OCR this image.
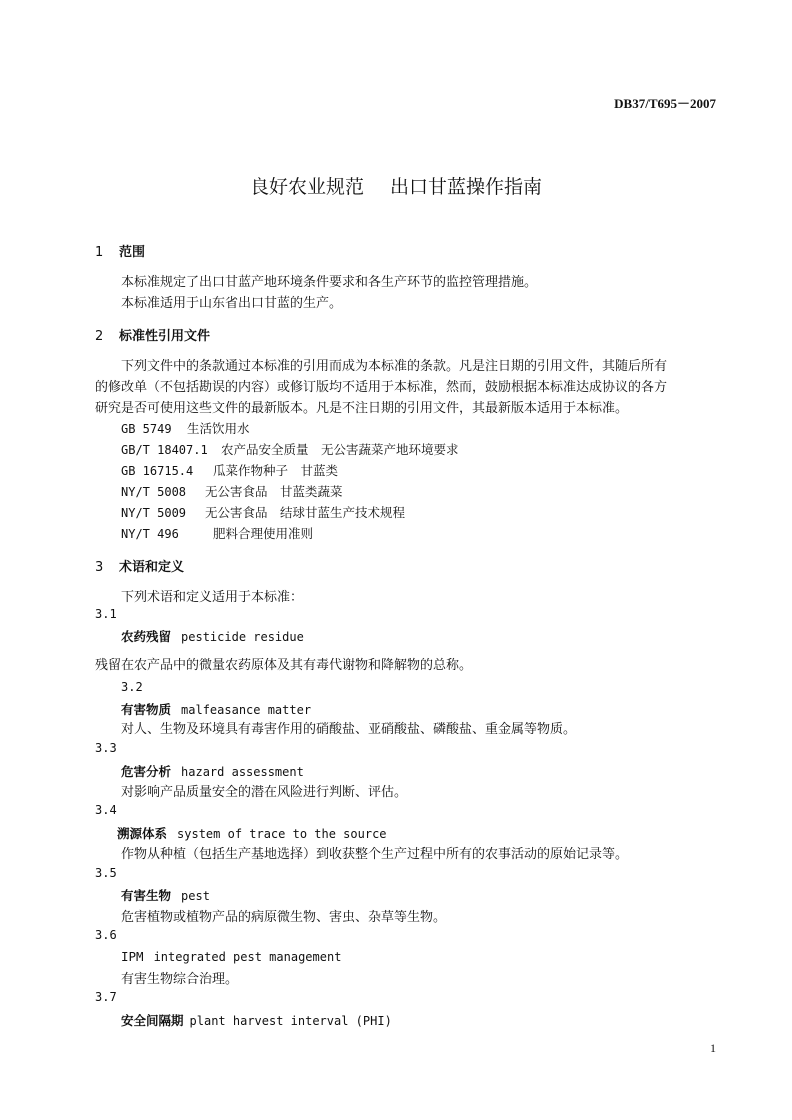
DB37/T695－2007
良好农业规范 出口甘蓝操作指南
1 范围
本标准规定了出口甘蓝产地环境条件要求和各生产环节的监控管理措施。
本标准适用于山东省出口甘蓝的生产。
2 标准性引用文件
　　下列文件中的条款通过本标准的引用而成为本标准的条款。凡是注日期的引用文件，其随后所有
的修改单（不包括勘误的内容）或修订版均不适用于本标准，然而，鼓励根据本标准达成协议的各方
研究是否可使用这些文件的最新版本。凡是不注日期的引用文件，其最新版本适用于本标准。
GB 5749 生活饮用水
GB/T 18407.1 农产品安全质量　无公害蔬菜产地环境要求
GB 16715.4 瓜菜作物种子　甘蓝类
NY/T 5008 无公害食品　甘蓝类蔬菜
NY/T 5009 无公害食品　结球甘蓝生产技术规程
NY/T 496	肥料合理使用准则
3 术语和定义
下列术语和定义适用于本标准：
3.1
农药残留 pesticide residue
残留在农产品中的微量农药原体及其有毒代谢物和降解物的总称。
3.2
有害物质 malfeasance matter
对人、生物及环境具有毒害作用的硝酸盐、亚硝酸盐、磷酸盐、重金属等物质。
3.3
危害分析 hazard assessment
对影响产品质量安全的潜在风险进行判断、评估。
3.4
溯源体系 system of trace to the source
作物从种植（包括生产基地选择）到收获整个生产过程中所有的农事活动的原始记录等。
3.5
有害生物 pest
危害植物或植物产品的病原微生物、害虫、杂草等生物。
3.6
IPM integrated pest management
有害生物综合治理。
3.7
安全间隔期 plant harvest interval (PHI)
1
